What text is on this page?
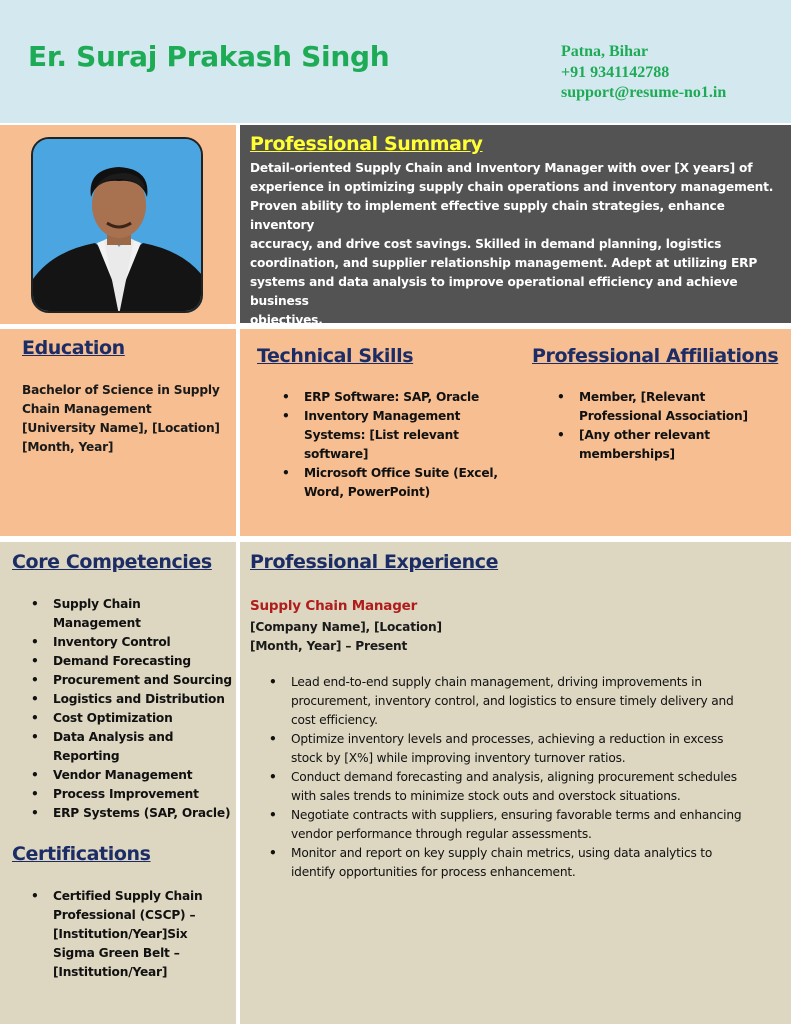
Er. Suraj Prakash Singh	Patna, Bihar
+91 9341142788
support@resume-no1.in
Professional Summary
Detail-oriented Supply Chain and Inventory Manager with over [X years] of
experience in optimizing supply chain operations and inventory management.
Proven ability to implement effective supply chain strategies, enhance inventory
accuracy, and drive cost savings. Skilled in demand planning, logistics
coordination, and supplier relationship management. Adept at utilizing ERP
systems and data analysis to improve operational efficiency and achieve business
objectives.
Education
Bachelor of Science in Supply
Chain Management
[University Name], [Location]
[Month, Year]
Technical Skills
• ERP Software: SAP, Oracle
• Inventory Management
Systems: [List relevant
software]
• Microsoft Office Suite (Excel,
Word, PowerPoint)
Professional Affiliations
• Member, [Relevant
Professional Association]
• [Any other relevant
memberships]
Core Competencies
• Supply Chain
Management
• Inventory Control
• Demand Forecasting
• Procurement and Sourcing
• Logistics and Distribution
• Cost Optimization
• Data Analysis and
Reporting
• Vendor Management
• Process Improvement
• ERP Systems (SAP, Oracle)
Certifications
• Certified Supply Chain
Professional (CSCP) –
[Institution/Year]Six
Sigma Green Belt –
[Institution/Year]
Professional Experience
Supply Chain Manager
[Company Name], [Location]
[Month, Year] – Present
• Lead end-to-end supply chain management, driving improvements in
procurement, inventory control, and logistics to ensure timely delivery and
cost efficiency.
• Optimize inventory levels and processes, achieving a reduction in excess
stock by [X%] while improving inventory turnover ratios.
• Conduct demand forecasting and analysis, aligning procurement schedules
with sales trends to minimize stock outs and overstock situations.
• Negotiate contracts with suppliers, ensuring favorable terms and enhancing
vendor performance through regular assessments.
• Monitor and report on key supply chain metrics, using data analytics to
identify opportunities for process enhancement.
